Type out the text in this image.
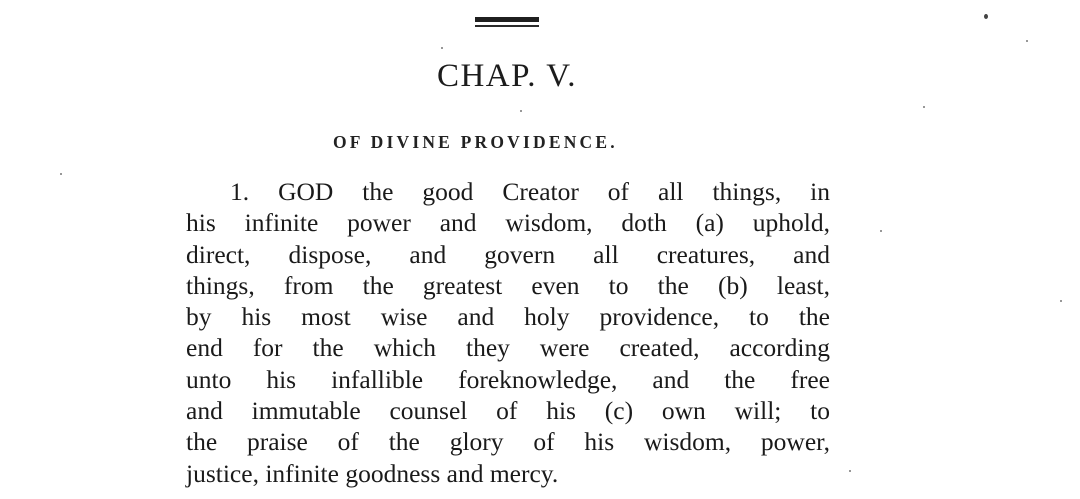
CHAP. V.
OF DIVINE PROVIDENCE.
1. GOD the good Creator of all things, in
his infinite power and wisdom, doth (a) uphold,
direct, dispose, and govern all creatures, and
things, from the greatest even to the (b) least,
by his most wise and holy providence, to the
end for the which they were created, according
unto his infallible foreknowledge, and the free
and immutable counsel of his (c) own will; to
the praise of the glory of his wisdom, power,
justice, infinite goodness and mercy.
